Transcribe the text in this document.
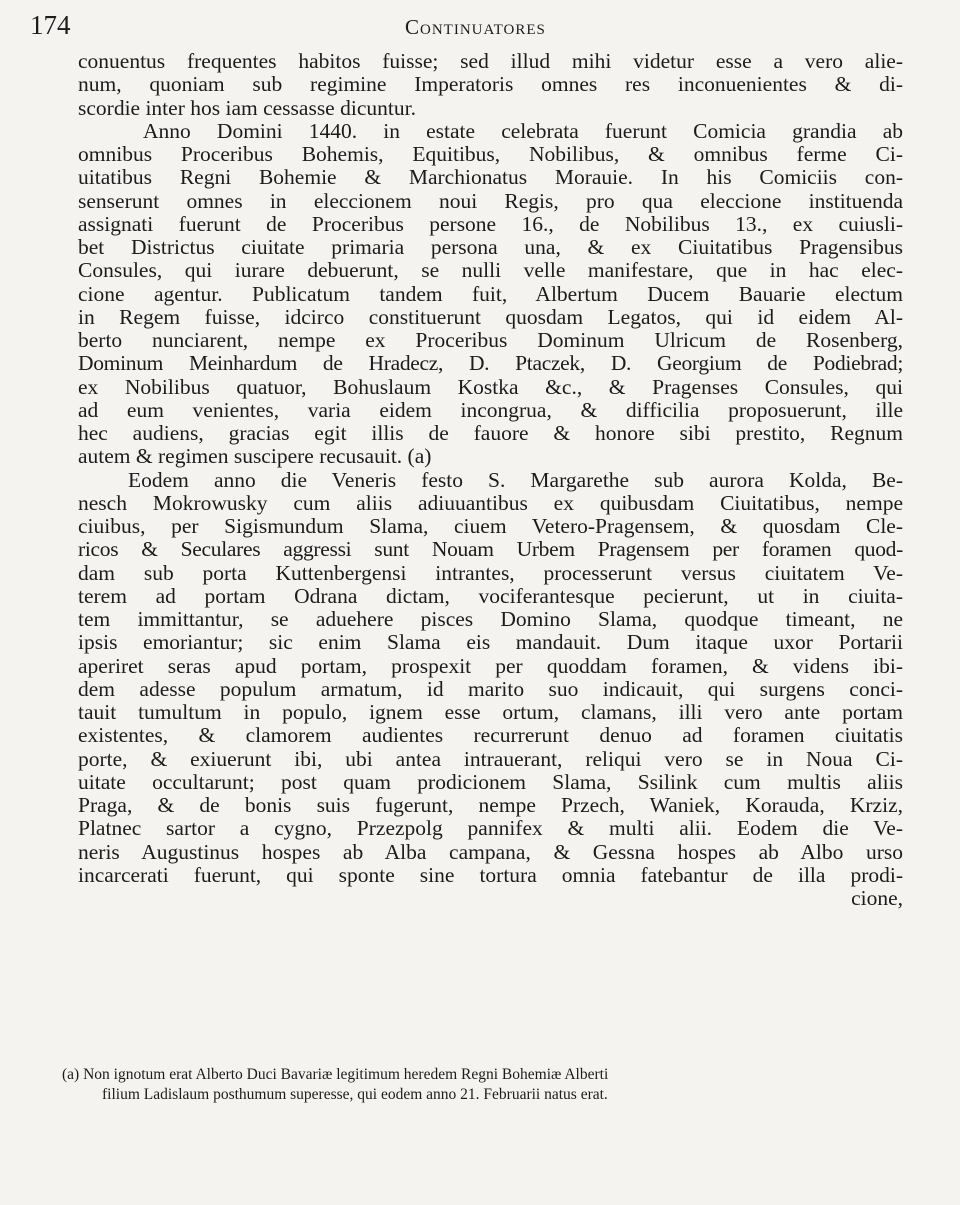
174	Continuatores
conuentus frequentes habitos fuisse; sed illud mihi videtur esse a vero alie-
num, quoniam sub regimine Imperatoris omnes res inconuenientes & di-
scordie inter hos iam cessasse dicuntur.
Anno Domini 1440. in estate celebrata fuerunt Comicia grandia ab
omnibus Proceribus Bohemis, Equitibus, Nobilibus, & omnibus ferme Ci-
uitatibus Regni Bohemie & Marchionatus Morauie. In his Comiciis con-
senserunt omnes in eleccionem noui Regis, pro qua eleccione instituenda
assignati fuerunt de Proceribus persone 16., de Nobilibus 13., ex cuiusli-
bet Districtus ciuitate primaria persona una, & ex Ciuitatibus Pragensibus
Consules, qui iurare debuerunt, se nulli velle manifestare, que in hac elec-
cione agentur. Publicatum tandem fuit, Albertum Ducem Bauarie electum
in Regem fuisse, idcirco constituerunt quosdam Legatos, qui id eidem Al-
berto nunciarent, nempe ex Proceribus Dominum Ulricum de Rosenberg,
Dominum Meinhardum de Hradecz, D. Ptaczek, D. Georgium de Podiebrad;
ex Nobilibus quatuor, Bohuslaum Kostka &c., & Pragenses Consules, qui
ad eum venientes, varia eidem incongrua, & difficilia proposuerunt, ille
hec audiens, gracias egit illis de fauore & honore sibi prestito, Regnum
autem & regimen suscipere recusauit. (a)
Eodem anno die Veneris festo S. Margarethe sub aurora Kolda, Be-
nesch Mokrowusky cum aliis adiuuantibus ex quibusdam Ciuitatibus, nempe
ciuibus, per Sigismundum Slama, ciuem Vetero-Pragensem, & quosdam Cle-
ricos & Seculares aggressi sunt Nouam Urbem Pragensem per foramen quod-
dam sub porta Kuttenbergensi intrantes, processerunt versus ciuitatem Ve-
terem ad portam Odrana dictam, vociferantesque pecierunt, ut in ciuita-
tem immittantur, se aduehere pisces Domino Slama, quodque timeant, ne
ipsis emoriantur; sic enim Slama eis mandauit. Dum itaque uxor Portarii
aperiret seras apud portam, prospexit per quoddam foramen, & videns ibi-
dem adesse populum armatum, id marito suo indicauit, qui surgens conci-
tauit tumultum in populo, ignem esse ortum, clamans, illi vero ante portam
existentes, & clamorem audientes recurrerunt denuo ad foramen ciuitatis
porte, & exiuerunt ibi, ubi antea intrauerant, reliqui vero se in Noua Ci-
uitate occultarunt; post quam prodicionem Slama, Ssilink cum multis aliis
Praga, & de bonis suis fugerunt, nempe Przech, Waniek, Korauda, Krziz,
Platnec sartor a cygno, Przezpolg pannifex & multi alii. Eodem die Ve-
neris Augustinus hospes ab Alba campana, & Gessna hospes ab Albo urso
incarcerati fuerunt, qui sponte sine tortura omnia fatebantur de illa prodi-
cione,
(a) Non ignotum erat Alberto Duci Bavariæ legitimum heredem Regni Bohemiæ Alberti
filium Ladislaum posthumum superesse, qui eodem anno 21. Februarii natus erat.
